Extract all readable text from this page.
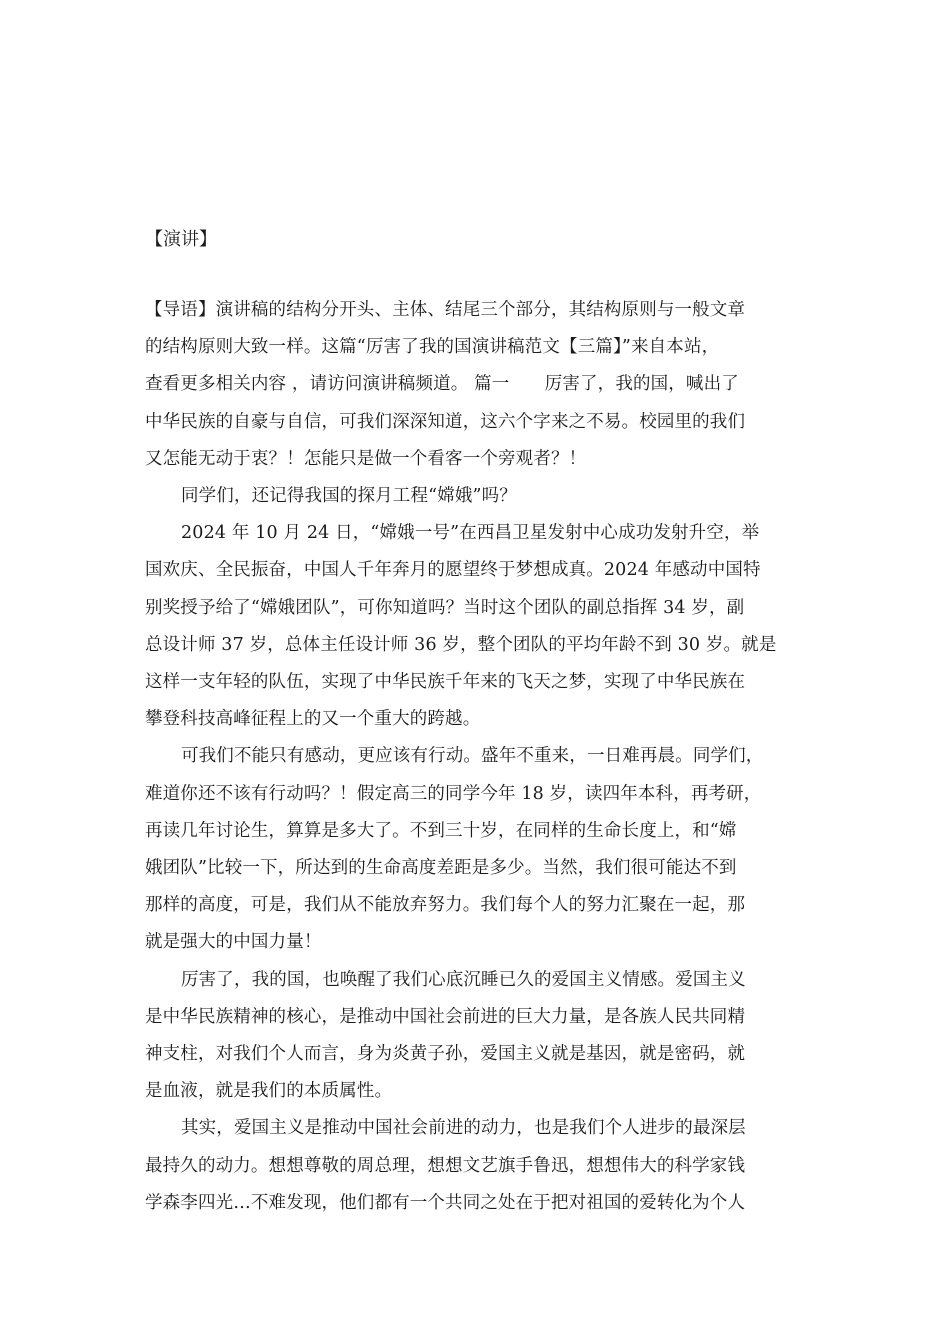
【演讲】

【导语】演讲稿的结构分开头、主体、结尾三个部分，其结构原则与一般文章

的结构原则大致一样。这篇“厉害了我的国演讲稿范文【三篇】”来自本站，

查看更多相关内容 ，请访问演讲稿频道。 篇一　　厉害了，我的国，喊出了

中华民族的自豪与自信，可我们深深知道，这六个字来之不易。校园里的我们

又怎能无动于衷？！怎能只是做一个看客一个旁观者？！

同学们，还记得我国的探月工程“嫦娥”吗？

2024 年 10 月 24 日，“嫦娥一号”在西昌卫星发射中心成功发射升空，举

国欢庆、全民振奋，中国人千年奔月的愿望终于梦想成真。2024 年感动中国特

别奖授予给了“嫦娥团队”，可你知道吗？当时这个团队的副总指挥 34 岁，副

总设计师 37 岁，总体主任设计师 36 岁，整个团队的平均年龄不到 30 岁。就是

这样一支年轻的队伍，实现了中华民族千年来的飞天之梦，实现了中华民族在

攀登科技高峰征程上的又一个重大的跨越。

可我们不能只有感动，更应该有行动。盛年不重来，一日难再晨。同学们，

难道你还不该有行动吗？！假定高三的同学今年 18 岁，读四年本科，再考研，

再读几年讨论生，算算是多大了。不到三十岁，在同样的生命长度上，和“嫦

娥团队”比较一下，所达到的生命高度差距是多少。当然，我们很可能达不到

那样的高度，可是，我们从不能放弃努力。我们每个人的努力汇聚在一起，那

就是强大的中国力量！

厉害了，我的国，也唤醒了我们心底沉睡已久的爱国主义情感。爱国主义

是中华民族精神的核心，是推动中国社会前进的巨大力量，是各族人民共同精

神支柱，对我们个人而言，身为炎黄子孙，爱国主义就是基因，就是密码，就

是血液，就是我们的本质属性。

其实，爱国主义是推动中国社会前进的动力，也是我们个人进步的最深层

最持久的动力。想想尊敬的周总理，想想文艺旗手鲁迅，想想伟大的科学家钱

学森李四光…不难发现，他们都有一个共同之处在于把对祖国的爱转化为个人
